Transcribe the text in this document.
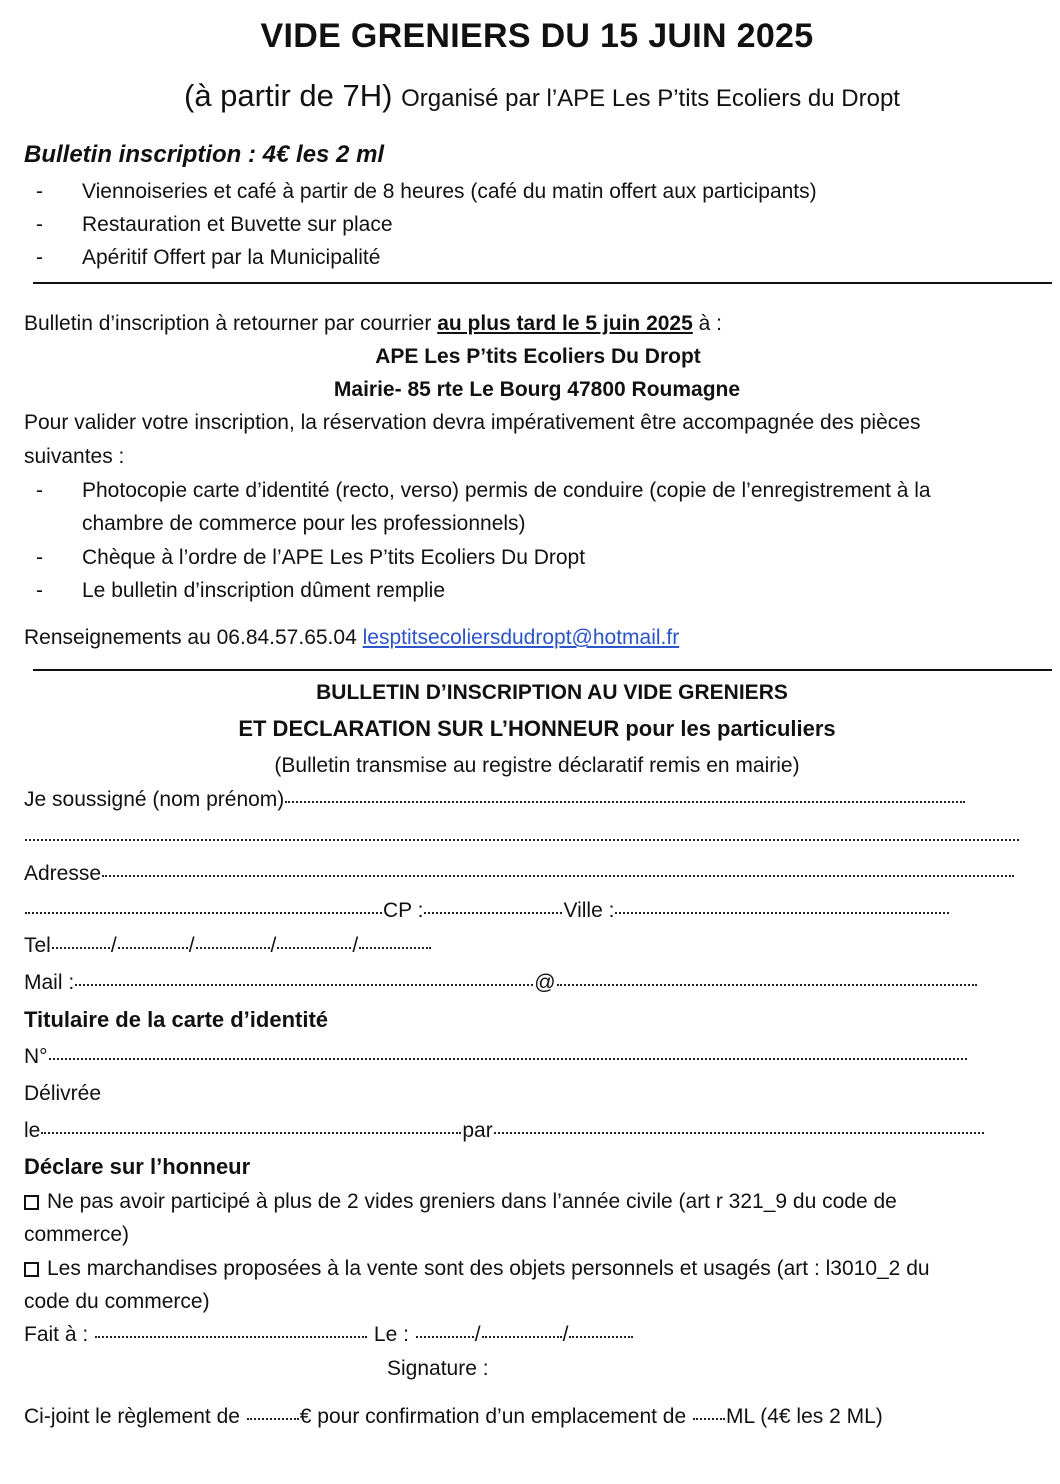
VIDE GRENIERS DU 15 JUIN 2025
(à partir de 7H) Organisé par l’APE Les P’tits Ecoliers du Dropt
Bulletin inscription : 4€ les 2 ml
- Viennoiseries et café à partir de 8 heures (café du matin offert aux participants)
- Restauration et Buvette sur place
- Apéritif Offert par la Municipalité
Bulletin d’inscription à retourner par courrier au plus tard le 5 juin 2025 à :
APE Les P’tits Ecoliers Du Dropt
Mairie- 85 rte Le Bourg 47800 Roumagne
Pour valider votre inscription, la réservation devra impérativement être accompagnée des pièces
suivantes :
- Photocopie carte d’identité (recto, verso) permis de conduire (copie de l’enregistrement à la
chambre de commerce pour les professionnels)
- Chèque à l’ordre de l’APE Les P’tits Ecoliers Du Dropt
- Le bulletin d’inscription dûment remplie
Renseignements au 06.84.57.65.04 lesptitsecoliersdudropt@hotmail.fr
BULLETIN D’INSCRIPTION AU VIDE GRENIERS
ET DECLARATION SUR L’HONNEUR pour les particuliers
(Bulletin transmise au registre déclaratif remis en mairie)
Je soussigné (nom prénom)
Adresse
CP :	Ville :
Tel	/	/	/	/
Mail :	@
Titulaire de la carte d’identité
N°
Délivrée
le	par
Déclare sur l’honneur
Ne pas avoir participé à plus de 2 vides greniers dans l’année civile (art r 321_9 du code de
commerce)
Les marchandises proposées à la vente sont des objets personnels et usagés (art : l3010_2 du
code du commerce)
Fait à :	Le :	/	/
Signature :
Ci-joint le règlement de	€ pour confirmation d’un emplacement de ML (4€ les 2 ML)
